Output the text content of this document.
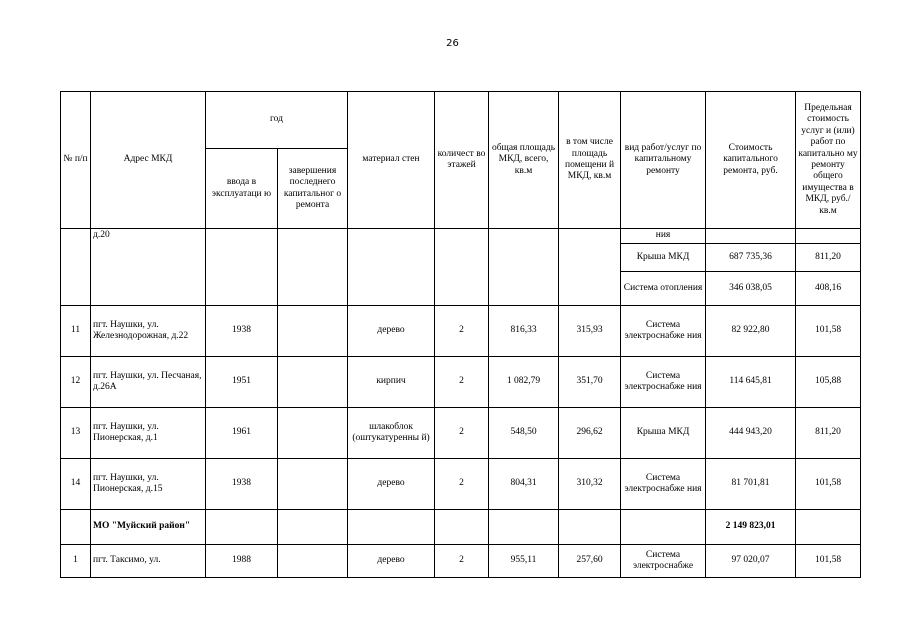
26
№ п/п	Адрес МКД	год		материал стен	количест во этажей	общая площадь МКД, всего, кв.м	в том числе площадь помещени й МКД, кв.м	вид работ/услуг по капитальному ремонту	Стоимость капитального ремонта, руб.	Предельная стоимость услуг и (или) работ по капитально му ремонту общего имущества в МКД, руб./кв.м
		ввода в эксплуатаци ю	завершения последнего капитальног о ремонта							
	д.20							ния		
								Крыша МКД	687 735,36	811,20
								Система отопления	346 038,05	408,16
11	пгт. Наушки, ул. Железнодорожная, д.22	1938		дерево	2	816,33	315,93	Система электроснабже ния	82 922,80	101,58
12	пгт. Наушки, ул. Песчаная, д.26А	1951		кирпич	2	1 082,79	351,70	Система электроснабже ния	114 645,81	105,88
13	пгт. Наушки, ул. Пионерская, д.1	1961		шлакоблок (оштукатуренны й)	2	548,50	296,62	Крыша МКД	444 943,20	811,20
14	пгт. Наушки, ул. Пионерская, д.15	1938		дерево	2	804,31	310,32	Система электроснабже ния	81 701,81	101,58
	МО "Муйский район"								2 149 823,01	
1	пгт. Таксимо, ул.	1988		дерево	2	955,11	257,60	Система электроснабже	97 020,07	101,58
